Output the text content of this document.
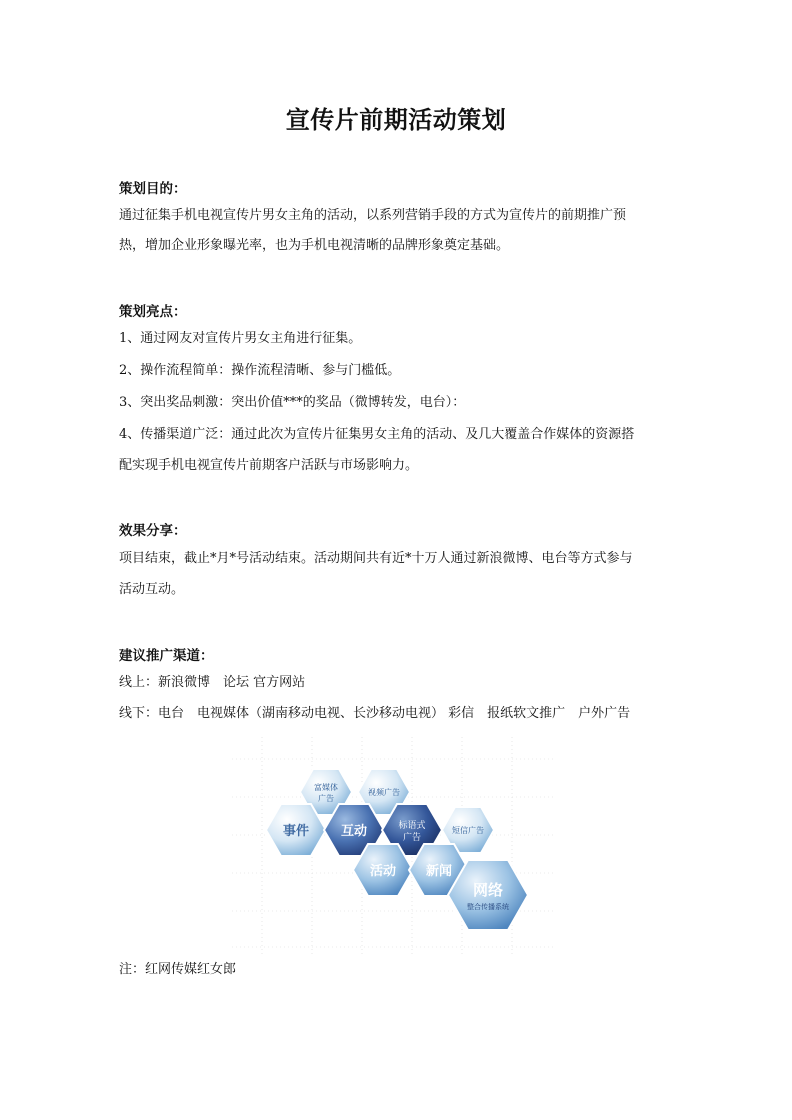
宣传片前期活动策划
策划目的：
通过征集手机电视宣传片男女主角的活动，以系列营销手段的方式为宣传片的前期推广预
热，增加企业形象曝光率，也为手机电视清晰的品牌形象奠定基础。
策划亮点：
1、通过网友对宣传片男女主角进行征集。
2、操作流程简单：操作流程清晰、参与门槛低。
3、突出奖品刺激：突出价值***的奖品（微博转发，电台）：
4、传播渠道广泛：通过此次为宣传片征集男女主角的活动、及几大覆盖合作媒体的资源搭
配实现手机电视宣传片前期客户活跃与市场影响力。
效果分享：
项目结束，截止*月*号活动结束。活动期间共有近*十万人通过新浪微博、电台等方式参与
活动互动。
建议推广渠道：
线上：新浪微博　论坛 官方网站
线下：电台　电视媒体（湖南移动电视、长沙移动电视） 彩信　报纸软文推广　户外广告
富媒体
广告
视频广告
事件 互动	标语式
广告
短信广告
活动 新闻
网络
整合传播系统
注：红网传媒红女郎
